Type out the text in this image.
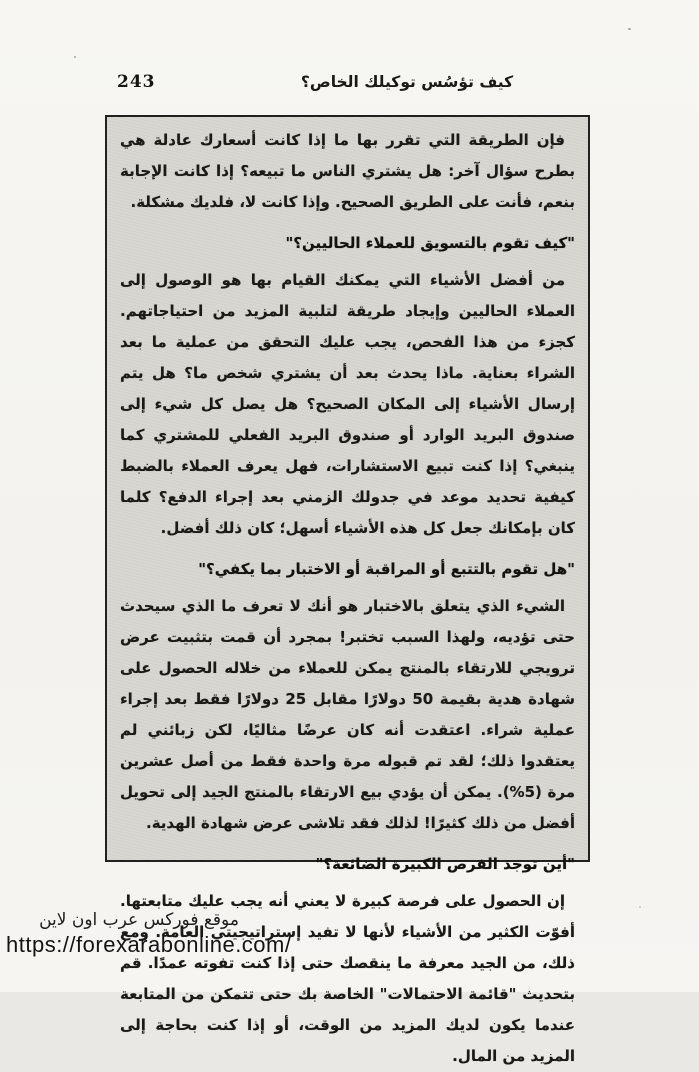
243	كيف تؤسُس توكيلك الخاص؟

فإن الطريقة التي تقرر بها ما إذا كانت أسعارك عادلة هي بطرح سؤال آخر: هل يشتري الناس ما تبيعه؟ إذا كانت الإجابة بنعم، فأنت على الطريق الصحيح. وإذا كانت لا، فلديك مشكلة.

"كيف تقوم بالتسويق للعملاء الحاليين؟"

من أفضل الأشياء التي يمكنك القيام بها هو الوصول إلى العملاء الحاليين وإيجاد طريقة لتلبية المزيد من احتياجاتهم. كجزء من هذا الفحص، يجب عليك التحقق من عملية ما بعد الشراء بعناية. ماذا يحدث بعد أن يشتري شخص ما؟ هل يتم إرسال الأشياء إلى المكان الصحيح؟ هل يصل كل شيء إلى صندوق البريد الوارد أو صندوق البريد الفعلي للمشتري كما ينبغي؟ إذا كنت تبيع الاستشارات، فهل يعرف العملاء بالضبط كيفية تحديد موعد في جدولك الزمني بعد إجراء الدفع؟ كلما كان بإمكانك جعل كل هذه الأشياء أسهل؛ كان ذلك أفضل.

"هل تقوم بالتتبع أو المراقبة أو الاختبار بما يكفي؟"

الشيء الذي يتعلق بالاختبار هو أنك لا تعرف ما الذي سيحدث حتى تؤديه، ولهذا السبب تختبر! بمجرد أن قمت بتثبيت عرض ترويجي للارتقاء بالمنتج يمكن للعملاء من خلاله الحصول على شهادة هدية بقيمة 50 دولارًا مقابل 25 دولارًا فقط بعد إجراء عملية شراء. اعتقدت أنه كان عرضًا مثاليًا، لكن زبائني لم يعتقدوا ذلك؛ لقد تم قبوله مرة واحدة فقط من أصل عشرين مرة (5%). يمكن أن يؤدي بيع الارتقاء بالمنتج الجيد إلى تحويل أفضل من ذلك كثيرًا! لذلك فقد تلاشى عرض شهادة الهدية.

"أين توجد الفرص الكبيرة الضائعة؟"

إن الحصول على فرصة كبيرة لا يعني أنه يجب عليك متابعتها. أفوّت الكثير من الأشياء لأنها لا تفيد إستراتيجيتي العامة. ومع ذلك، من الجيد معرفة ما ينقصك حتى إذا كنت تفوته عمدًا. قم بتحديث "قائمة الاحتمالات" الخاصة بك حتى تتمكن من المتابعة عندما يكون لديك المزيد من الوقت، أو إذا كنت بحاجة إلى المزيد من المال.

موقع فوركس عرب اون لاين
https://forexarabonline.com/
